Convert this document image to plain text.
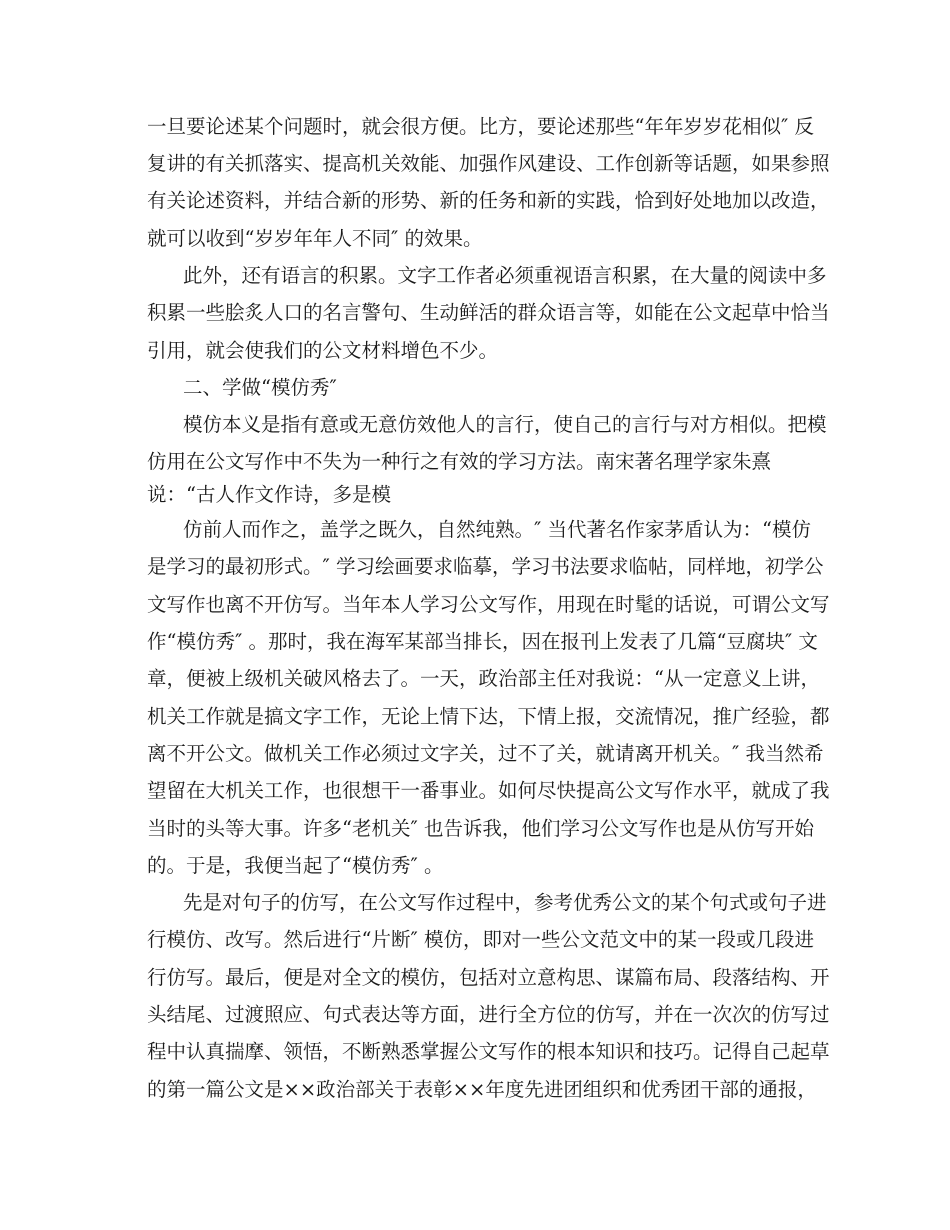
一旦要论述某个问题时，就会很方便。比方，要论述那些“年年岁岁花相似″ 反
复讲的有关抓落实、提高机关效能、加强作风建设、工作创新等话题，如果参照
有关论述资料，并结合新的形势、新的任务和新的实践，恰到好处地加以改造，
就可以收到“岁岁年年人不同″ 的效果。
此外，还有语言的积累。文字工作者必须重视语言积累，在大量的阅读中多
积累一些脍炙人口的名言警句、生动鲜活的群众语言等，如能在公文起草中恰当
引用，就会使我们的公文材料增色不少。
二、学做“模仿秀″
模仿本义是指有意或无意仿效他人的言行，使自己的言行与对方相似。把模
仿用在公文写作中不失为一种行之有效的学习方法。南宋著名理学家朱熹
说：“古人作文作诗，多是模
仿前人而作之，盖学之既久，自然纯熟。″ 当代著名作家茅盾认为：“模仿
是学习的最初形式。″ 学习绘画要求临摹，学习书法要求临帖，同样地，初学公
文写作也离不开仿写。当年本人学习公文写作，用现在时髦的话说，可谓公文写
作“模仿秀″ 。那时，我在海军某部当排长，因在报刊上发表了几篇“豆腐块″ 文
章，便被上级机关破风格去了。一天，政治部主任对我说：“从一定意义上讲，
机关工作就是搞文字工作，无论上情下达，下情上报，交流情况，推广经验，都
离不开公文。做机关工作必须过文字关，过不了关，就请离开机关。″ 我当然希
望留在大机关工作，也很想干一番事业。如何尽快提高公文写作水平，就成了我
当时的头等大事。许多“老机关″ 也告诉我，他们学习公文写作也是从仿写开始
的。于是，我便当起了“模仿秀″ 。
先是对句子的仿写，在公文写作过程中，参考优秀公文的某个句式或句子进
行模仿、改写。然后进行“片断″ 模仿，即对一些公文范文中的某一段或几段进
行仿写。最后，便是对全文的模仿，包括对立意构思、谋篇布局、段落结构、开
头结尾、过渡照应、句式表达等方面，进行全方位的仿写，并在一次次的仿写过
程中认真揣摩、领悟，不断熟悉掌握公文写作的根本知识和技巧。记得自己起草
的第一篇公文是××政治部关于表彰××年度先进团组织和优秀团干部的通报，
